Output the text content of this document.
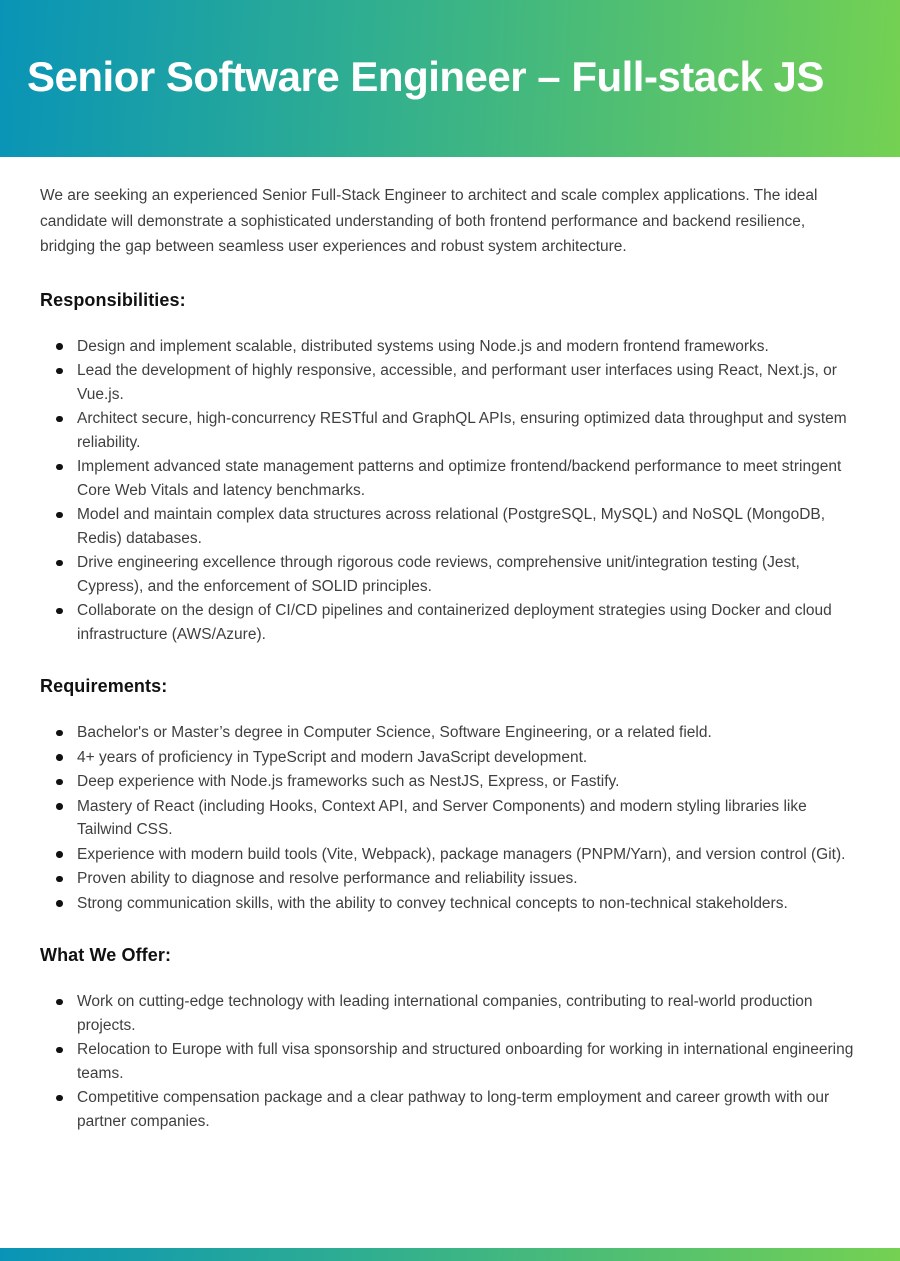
Senior Software Engineer – Full-stack JS

We are seeking an experienced Senior Full-Stack Engineer to architect and scale complex applications. The ideal candidate will demonstrate a sophisticated understanding of both frontend performance and backend resilience, bridging the gap between seamless user experiences and robust system architecture.

Responsibilities:
Design and implement scalable, distributed systems using Node.js and modern frontend frameworks.
Lead the development of highly responsive, accessible, and performant user interfaces using React, Next.js, or Vue.js.
Architect secure, high-concurrency RESTful and GraphQL APIs, ensuring optimized data throughput and system reliability.
Implement advanced state management patterns and optimize frontend/backend performance to meet stringent Core Web Vitals and latency benchmarks.
Model and maintain complex data structures across relational (PostgreSQL, MySQL) and NoSQL (MongoDB, Redis) databases.
Drive engineering excellence through rigorous code reviews, comprehensive unit/integration testing (Jest, Cypress), and the enforcement of SOLID principles.
Collaborate on the design of CI/CD pipelines and containerized deployment strategies using Docker and cloud infrastructure (AWS/Azure).
Requirements:
Bachelor's or Master’s degree in Computer Science, Software Engineering, or a related field.
4+ years of proficiency in TypeScript and modern JavaScript development.
Deep experience with Node.js frameworks such as NestJS, Express, or Fastify.
Mastery of React (including Hooks, Context API, and Server Components) and modern styling libraries like Tailwind CSS.
Experience with modern build tools (Vite, Webpack), package managers (PNPM/Yarn), and version control (Git).
Proven ability to diagnose and resolve performance and reliability issues.
Strong communication skills, with the ability to convey technical concepts to non-technical stakeholders.
What We Offer:
Work on cutting-edge technology with leading international companies, contributing to real-world production projects.
Relocation to Europe with full visa sponsorship and structured onboarding for working in international engineering teams.
Competitive compensation package and a clear pathway to long-term employment and career growth with our partner companies.
